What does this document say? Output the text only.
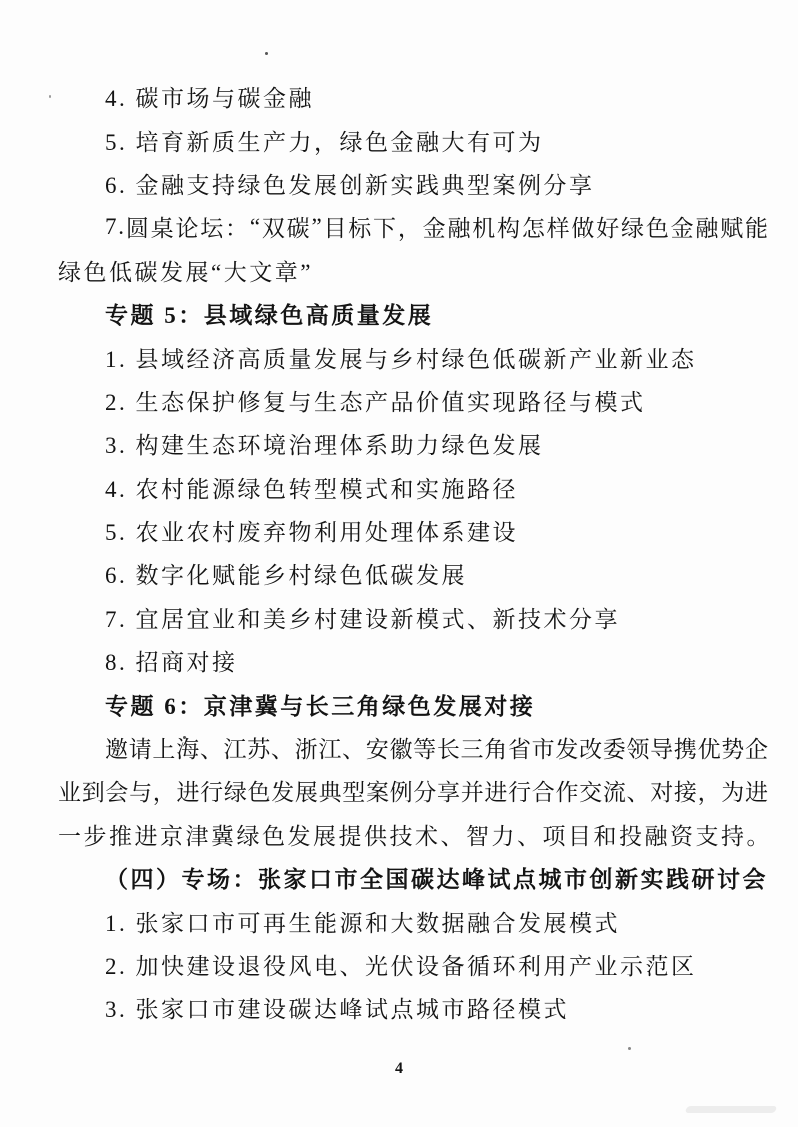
4. 碳市场与碳金融
5. 培育新质生产力，绿色金融大有可为
6. 金融支持绿色发展创新实践典型案例分享
7 . 圆 桌 论 坛 ： “ 双 碳 ” 目 标 下 ， 金 融 机 构 怎 样 做 好 绿 色 金 融 赋 能
绿色低碳发展“大文章”
专题 5：县域绿色高质量发展
1. 县域经济高质量发展与乡村绿色低碳新产业新业态
2. 生态保护修复与生态产品价值实现路径与模式
3. 构建生态环境治理体系助力绿色发展
4. 农村能源绿色转型模式和实施路径
5. 农业农村废弃物利用处理体系建设
6. 数字化赋能乡村绿色低碳发展
7. 宜居宜业和美乡村建设新模式、新技术分享
8. 招商对接
专题 6：京津冀与长三角绿色发展对接
邀 请 上 海 、 江 苏 、 浙 江 、 安 徽 等 长 三 角 省 市 发 改 委 领 导 携 优 势 企
业 到 会 与 ， 进 行 绿 色 发 展 典 型 案 例 分 享 并 进 行 合 作 交 流 、 对 接 ， 为 进
一步推进京津冀绿色发展提供技术、智力、项目和投融资支持。
（四）专场：张家口市全国碳达峰试点城市创新实践研讨会
1. 张家口市可再生能源和大数据融合发展模式
2. 加快建设退役风电、光伏设备循环利用产业示范区
3. 张家口市建设碳达峰试点城市路径模式
4
